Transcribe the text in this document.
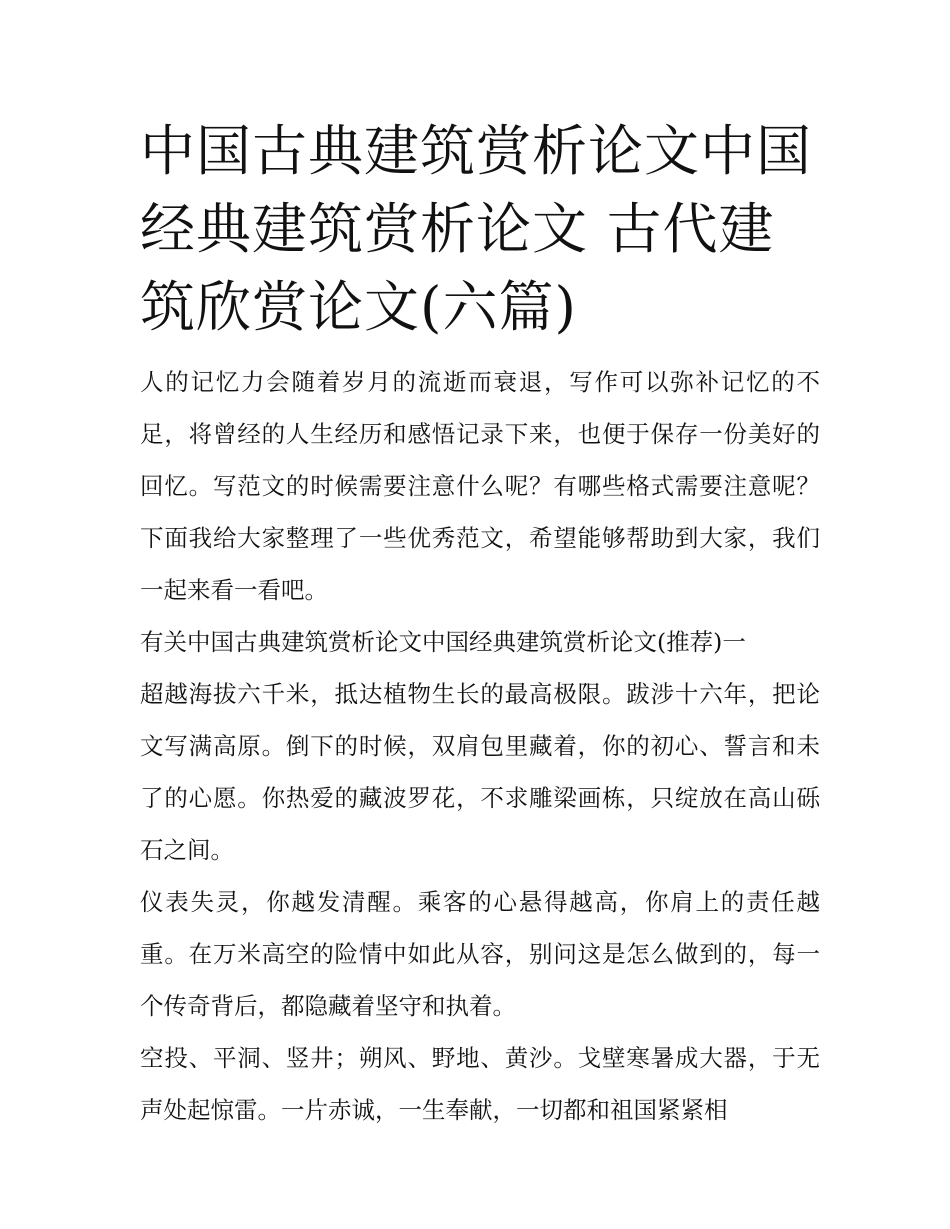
中国古典建筑赏析论文中国经典建筑赏析论文 古代建筑欣赏论文(六篇)

人的记忆力会随着岁月的流逝而衰退，写作可以弥补记忆的不足，将曾经的人生经历和感悟记录下来，也便于保存一份美好的回忆。写范文的时候需要注意什么呢？有哪些格式需要注意呢？下面我给大家整理了一些优秀范文，希望能够帮助到大家，我们一起来看一看吧。

有关中国古典建筑赏析论文中国经典建筑赏析论文(推荐)一

超越海拔六千米，抵达植物生长的最高极限。跋涉十六年，把论文写满高原。倒下的时候，双肩包里藏着，你的初心、誓言和未了的心愿。你热爱的藏波罗花，不求雕梁画栋，只绽放在高山砾石之间。

仪表失灵，你越发清醒。乘客的心悬得越高，你肩上的责任越重。在万米高空的险情中如此从容，别问这是怎么做到的，每一个传奇背后，都隐藏着坚守和执着。

空投、平洞、竖井；朔风、野地、黄沙。戈壁寒暑成大器，于无声处起惊雷。一片赤诚，一生奉献，一切都和祖国紧紧相
